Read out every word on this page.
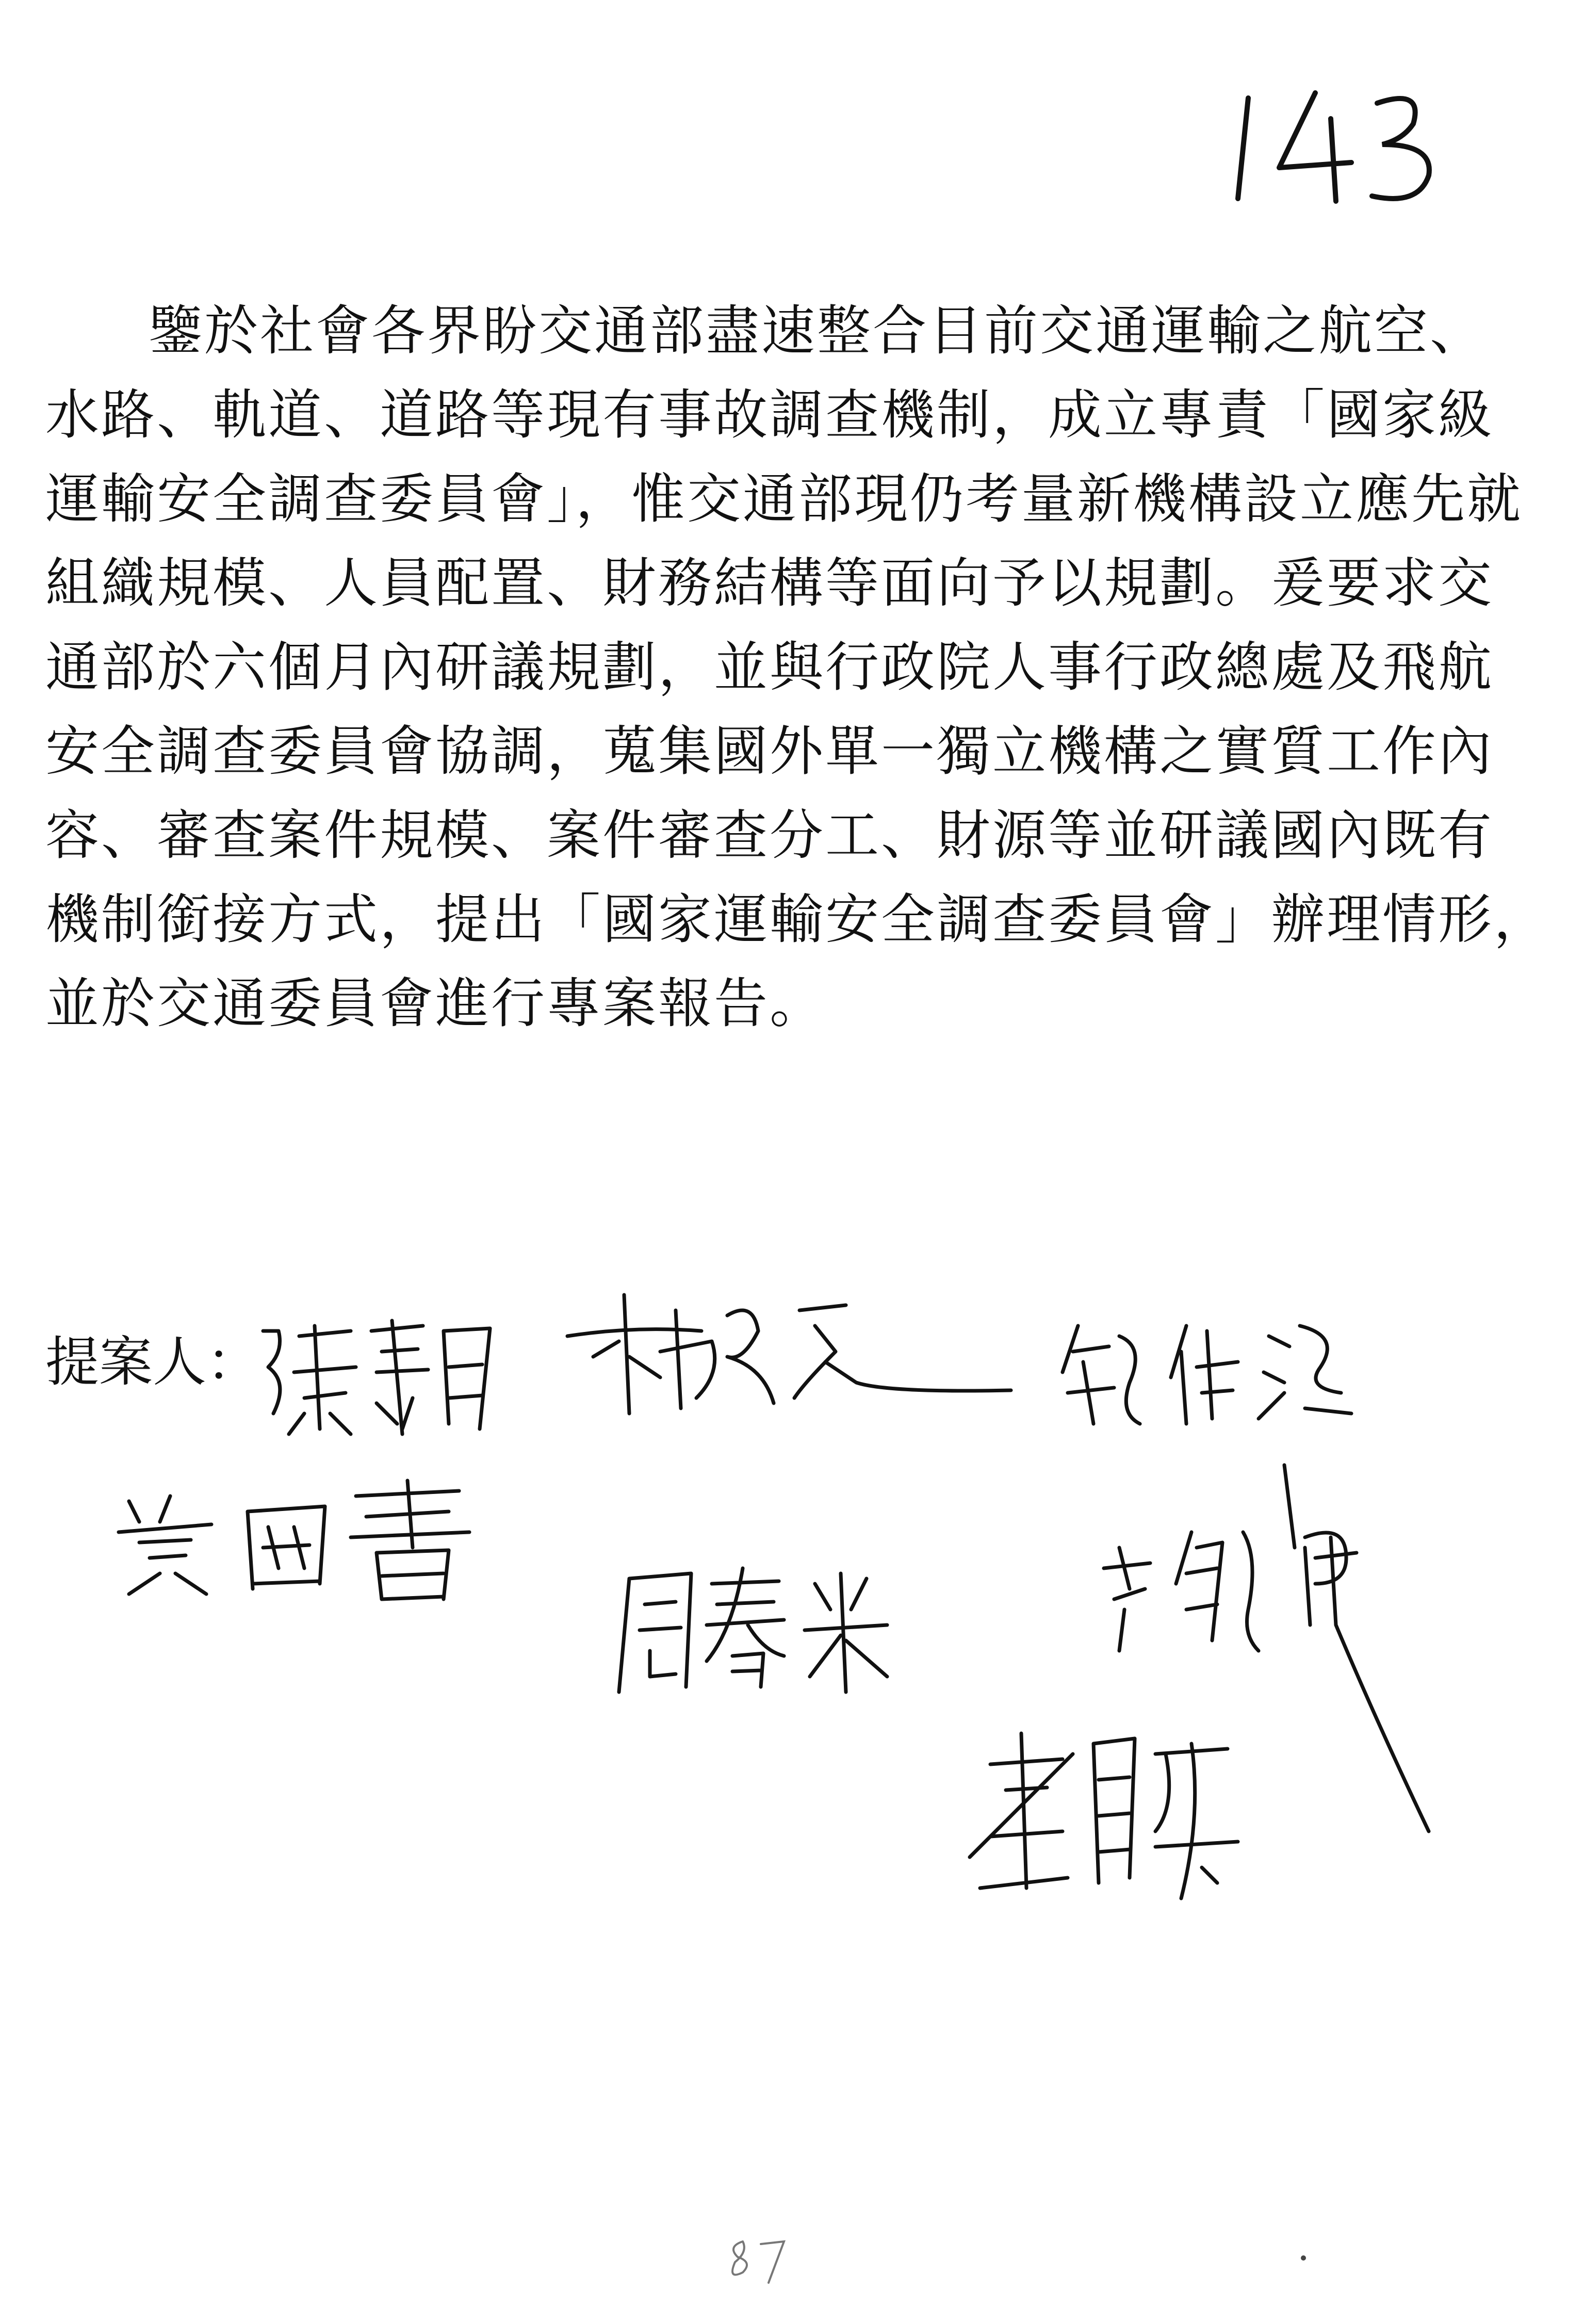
鑒於社會各界盼交通部盡速整合目前交通運輸之航空、
水路、軌道、道路等現有事故調查機制，成立專責「國家級
運輸安全調查委員會」，惟交通部現仍考量新機構設立應先就
組織規模、人員配置、財務結構等面向予以規劃。爰要求交
通部於六個月內研議規劃，並與行政院人事行政總處及飛航
安全調查委員會協調，蒐集國外單一獨立機構之實質工作內
容、審查案件規模、案件審查分工、財源等並研議國內既有
機制銜接方式，提出「國家運輸安全調查委員會」辦理情形，
並於交通委員會進行專案報告。
提案人：
